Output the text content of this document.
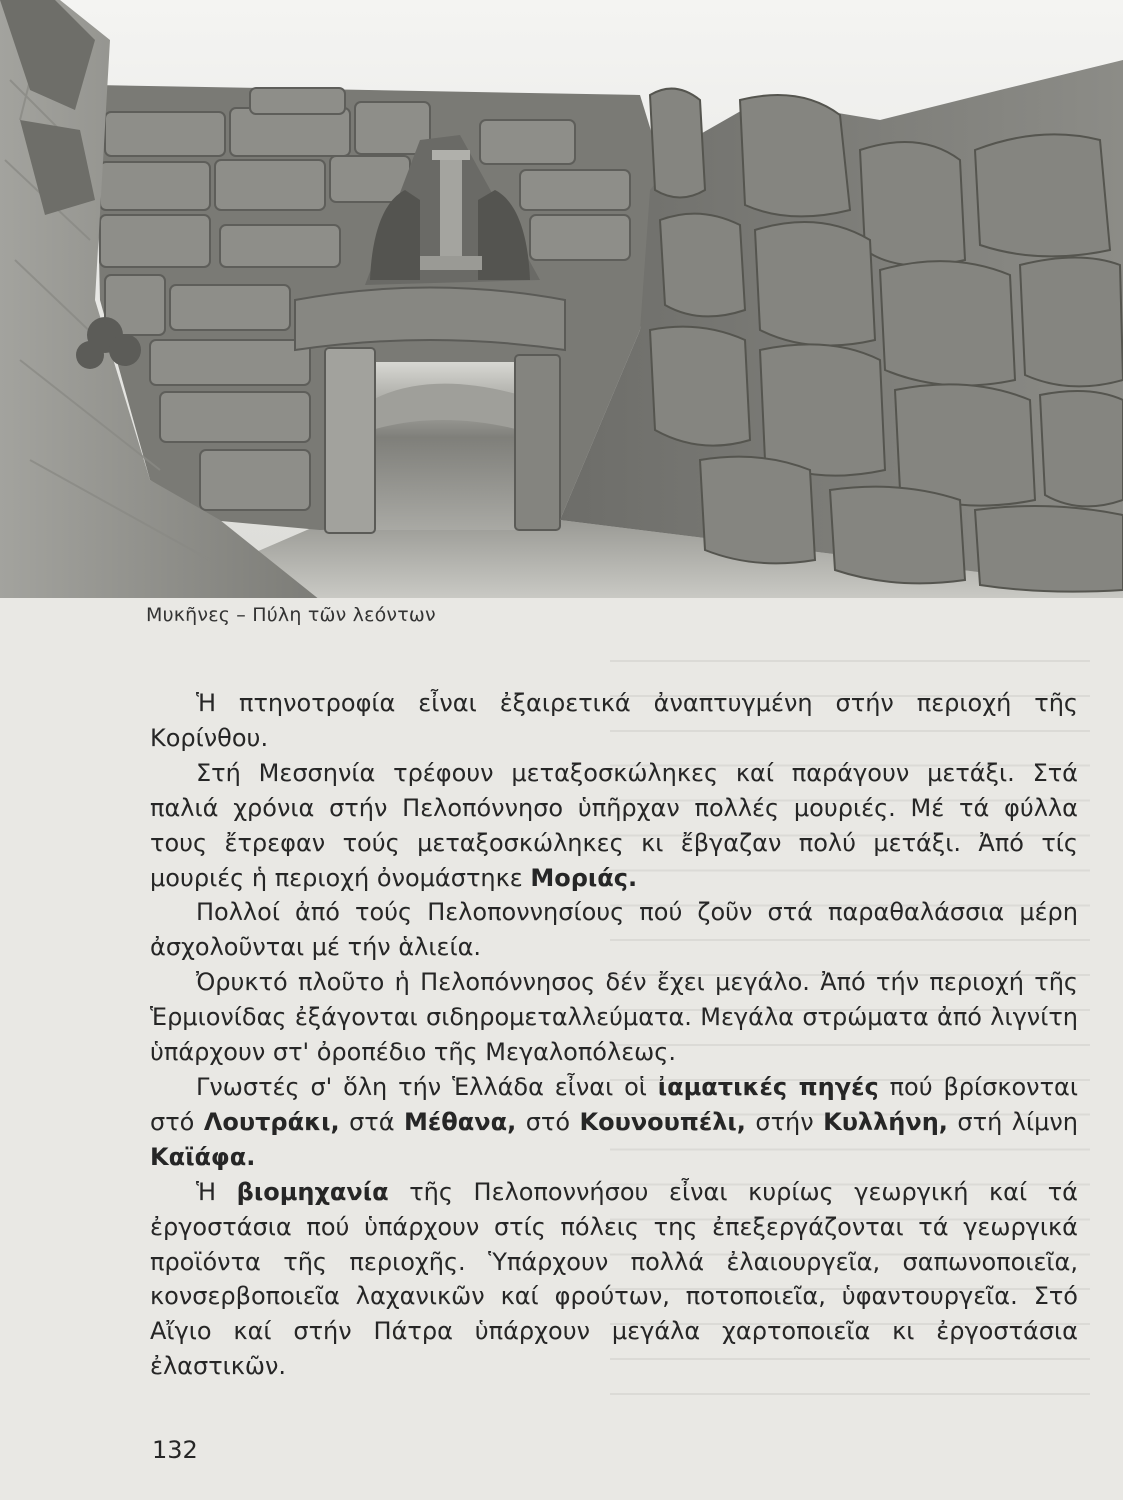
Μυκῆνες – Πύλη τῶν λεόντων

Ἡ πτηνοτροφία εἶναι ἐξαιρετικά ἀναπτυγμένη στήν περιοχή τῆς Κορίνθου.

Στή Μεσσηνία τρέφουν μεταξοσκώληκες καί παράγουν μετάξι. Στά παλιά χρόνια στήν Πελοπόννησο ὑπῆρχαν πολλές μουριές. Μέ τά φύλλα τους ἔτρεφαν τούς μεταξοσκώληκες κι ἔβγαζαν πολύ μετάξι. Ἀπό τίς μουριές ἡ περιοχή ὀνομάστηκε Μοριάς.

Πολλοί ἀπό τούς Πελοποννησίους πού ζοῦν στά παραθαλάσσια μέρη ἀσχολοῦνται μέ τήν ἁλιεία.

Ὀρυκτό πλοῦτο ἡ Πελοπόννησος δέν ἔχει μεγάλο. Ἀπό τήν περιοχή τῆς Ἑρμιονίδας ἐξάγονται σιδηρομεταλλεύματα. Μεγάλα στρώματα ἀπό λιγνίτη ὑπάρχουν στ' ὀροπέδιο τῆς Μεγαλοπόλεως.

Γνωστές σ' ὅλη τήν Ἑλλάδα εἶναι οἱ ἰαματικές πηγές πού βρίσκονται στό Λουτράκι, στά Μέθανα, στό Κουνουπέλι, στήν Κυλλήνη, στή λίμνη Καϊάφα.

Ἡ βιομηχανία τῆς Πελοποννήσου εἶναι κυρίως γεωργική καί τά ἐργοστάσια πού ὑπάρχουν στίς πόλεις της ἐπεξεργάζονται τά γεωργικά προϊόντα τῆς περιοχῆς. Ὑπάρχουν πολλά ἐλαιουργεῖα, σαπωνοποιεῖα, κονσερβοποιεῖα λαχανικῶν καί φρούτων, ποτοποιεῖα, ὑφαντουργεῖα. Στό Αἴγιο καί στήν Πάτρα ὑπάρχουν μεγάλα χαρτοποιεῖα κι ἐργοστάσια ἐλαστικῶν.

132
